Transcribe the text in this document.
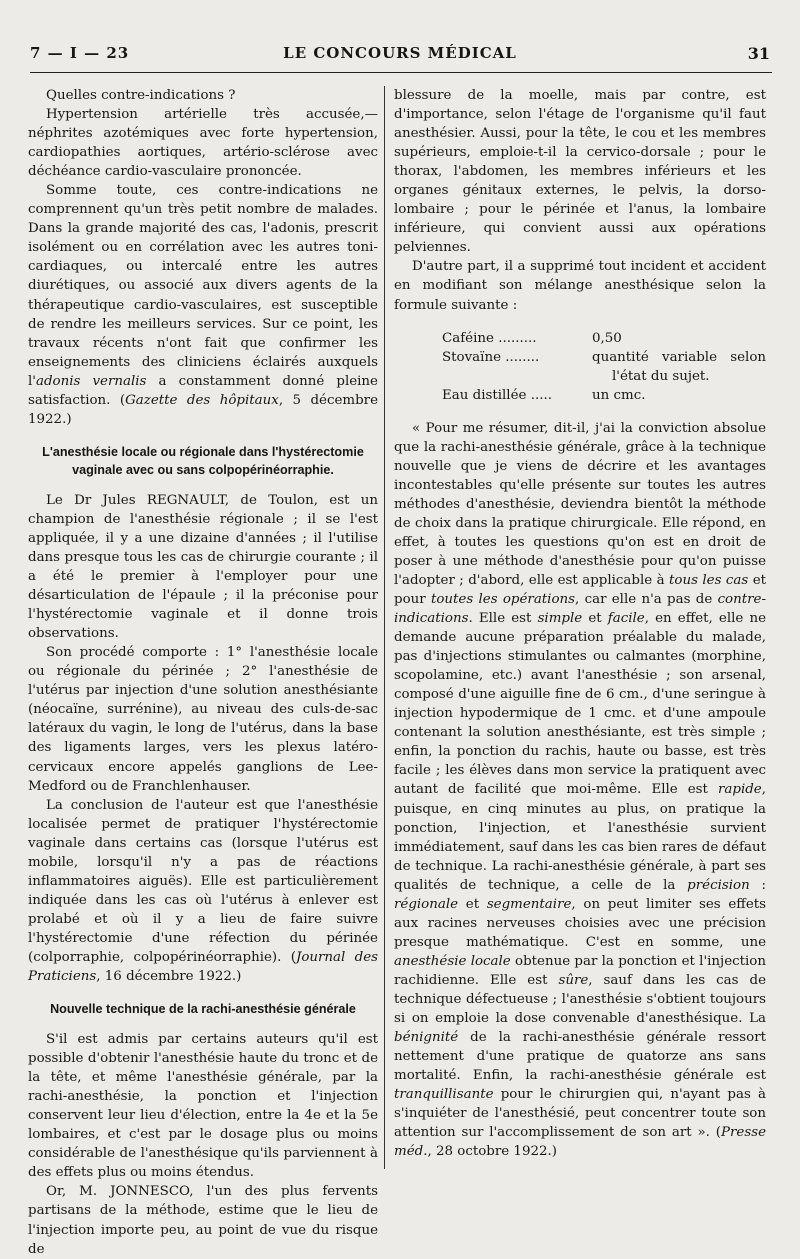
7 — I — 23	LE CONCOURS MÉDICAL	31

Quelles contre-indications ?

Hypertension artérielle très accusée,— néphrites azotémiques avec forte hypertension, cardiopathies aortiques, artério-sclérose avec déchéance cardio-vasculaire prononcée.

Somme toute, ces contre-indications ne comprennent qu'un très petit nombre de malades. Dans la grande majorité des cas, l'adonis, prescrit isolément ou en corrélation avec les autres toni-cardiaques, ou intercalé entre les autres diurétiques, ou associé aux divers agents de la thérapeutique cardio-vasculaires, est susceptible de rendre les meilleurs services. Sur ce point, les travaux récents n'ont fait que confirmer les enseignements des cliniciens éclairés auxquels l'adonis vernalis a constamment donné pleine satisfaction. (Gazette des hôpitaux, 5 décembre 1922.)

L'anesthésie locale ou régionale dans l'hystérectomie vaginale avec ou sans colpopérinéorraphie.

Le Dr Jules REGNAULT, de Toulon, est un champion de l'anesthésie régionale ; il se l'est appliquée, il y a une dizaine d'années ; il l'utilise dans presque tous les cas de chirurgie courante ; il a été le premier à l'employer pour une désarticulation de l'épaule ; il la préconise pour l'hystérectomie vaginale et il donne trois observations.

Son procédé comporte : 1° l'anesthésie locale ou régionale du périnée ; 2° l'anesthésie de l'utérus par injection d'une solution anesthésiante (néocaïne, surrénine), au niveau des culs-de-sac latéraux du vagin, le long de l'utérus, dans la base des ligaments larges, vers les plexus latéro-cervicaux encore appelés ganglions de Lee-Medford ou de Franchlenhauser.

La conclusion de l'auteur est que l'anesthésie localisée permet de pratiquer l'hystérectomie vaginale dans certains cas (lorsque l'utérus est mobile, lorsqu'il n'y a pas de réactions inflammatoires aiguës). Elle est particulièrement indiquée dans les cas où l'utérus à enlever est prolabé et où il y a lieu de faire suivre l'hystérectomie d'une réfection du périnée (colporraphie, colpopérinéorraphie). (Journal des Praticiens, 16 décembre 1922.)

Nouvelle technique de la rachi-anesthésie générale

S'il est admis par certains auteurs qu'il est possible d'obtenir l'anesthésie haute du tronc et de la tête, et même l'anesthésie générale, par la rachi-anesthésie, la ponction et l'injection conservent leur lieu d'élection, entre la 4e et la 5e lombaires, et c'est par le dosage plus ou moins considérable de l'anesthésique qu'ils parviennent à des effets plus ou moins étendus.

Or, M. JONNESCO, l'un des plus fervents partisans de la méthode, estime que le lieu de l'injection importe peu, au point de vue du risque de

blessure de la moelle, mais par contre, est d'importance, selon l'étage de l'organisme qu'il faut anesthésier. Aussi, pour la tête, le cou et les membres supérieurs, emploie-t-il la cervico-dorsale ; pour le thorax, l'abdomen, les membres inférieurs et les organes génitaux externes, le pelvis, la dorso-lombaire ; pour le périnée et l'anus, la lombaire inférieure, qui convient aussi aux opérations pelviennes.

D'autre part, il a supprimé tout incident et accident en modifiant son mélange anesthésique selon la formule suivante :

Caféine .........	0,50
Stovaïne ........	quantité variable selon l'état du sujet.
Eau distillée .....	un cmc.

« Pour me résumer, dit-il, j'ai la conviction absolue que la rachi-anesthésie générale, grâce à la technique nouvelle que je viens de décrire et les avantages incontestables qu'elle présente sur toutes les autres méthodes d'anesthésie, deviendra bientôt la méthode de choix dans la pratique chirurgicale. Elle répond, en effet, à toutes les questions qu'on est en droit de poser à une méthode d'anesthésie pour qu'on puisse l'adopter ; d'abord, elle est applicable à tous les cas et pour toutes les opérations, car elle n'a pas de contre-indications. Elle est simple et facile, en effet, elle ne demande aucune préparation préalable du malade, pas d'injections stimulantes ou calmantes (morphine, scopolamine, etc.) avant l'anesthésie ; son arsenal, composé d'une aiguille fine de 6 cm., d'une seringue à injection hypodermique de 1 cmc. et d'une ampoule contenant la solution anesthésiante, est très simple ; enfin, la ponction du rachis, haute ou basse, est très facile ; les élèves dans mon service la pratiquent avec autant de facilité que moi-même. Elle est rapide, puisque, en cinq minutes au plus, on pratique la ponction, l'injection, et l'anesthésie survient immédiatement, sauf dans les cas bien rares de défaut de technique. La rachi-anesthésie générale, à part ses qualités de technique, a celle de la précision : régionale et segmentaire, on peut limiter ses effets aux racines nerveuses choisies avec une précision presque mathématique. C'est en somme, une anesthésie locale obtenue par la ponction et l'injection rachidienne. Elle est sûre, sauf dans les cas de technique défectueuse ; l'anesthésie s'obtient toujours si on emploie la dose convenable d'anesthésique. La bénignité de la rachi-anesthésie générale ressort nettement d'une pratique de quatorze ans sans mortalité. Enfin, la rachi-anesthésie générale est tranquillisante pour le chirurgien qui, n'ayant pas à s'inquiéter de l'anesthésié, peut concentrer toute son attention sur l'accomplissement de son art ». (Presse méd., 28 octobre 1922.)
